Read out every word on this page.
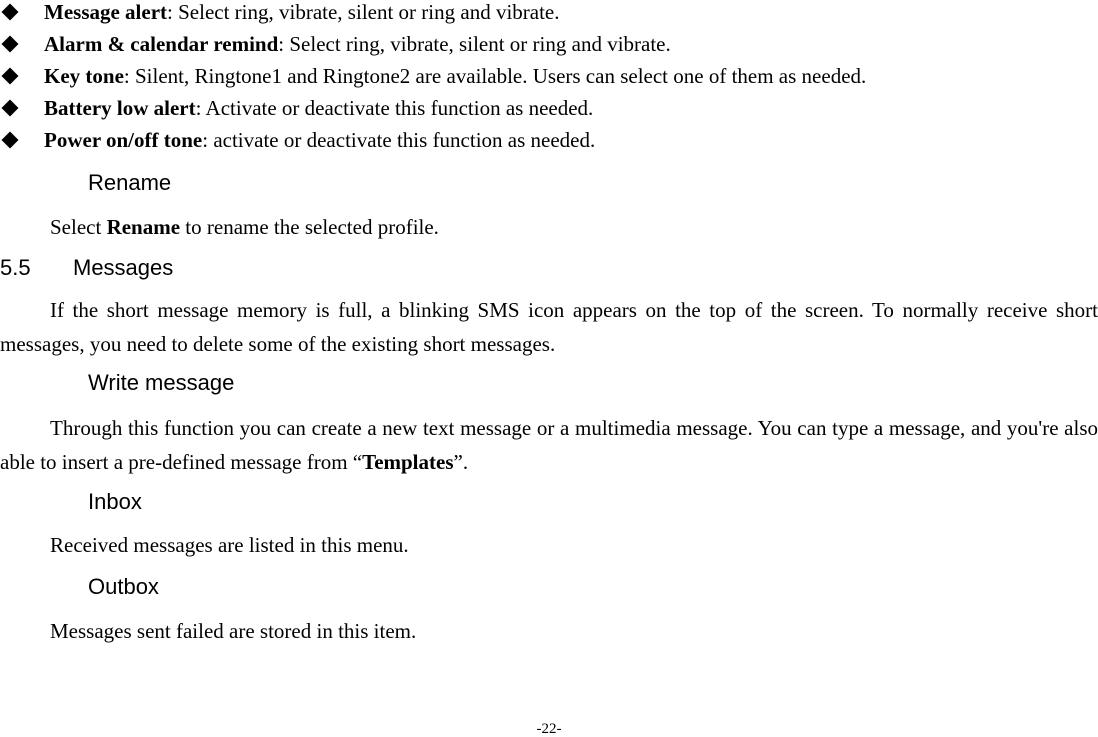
Message alert: Select ring, vibrate, silent or ring and vibrate.
Alarm & calendar remind: Select ring, vibrate, silent or ring and vibrate.
Key tone: Silent, Ringtone1 and Ringtone2 are available. Users can select one of them as needed.
Battery low alert: Activate or deactivate this function as needed.
Power on/off tone: activate or deactivate this function as needed.
Rename
Select Rename to rename the selected profile.
5.5 Messages
If the short message memory is full, a blinking SMS icon appears on the top of the screen. To normally receive short messages, you need to delete some of the existing short messages.
Write message
Through this function you can create a new text message or a multimedia message. You can type a message, and you're also able to insert a pre-defined message from “Templates”.
Inbox
Received messages are listed in this menu.
Outbox
Messages sent failed are stored in this item.
-22-
